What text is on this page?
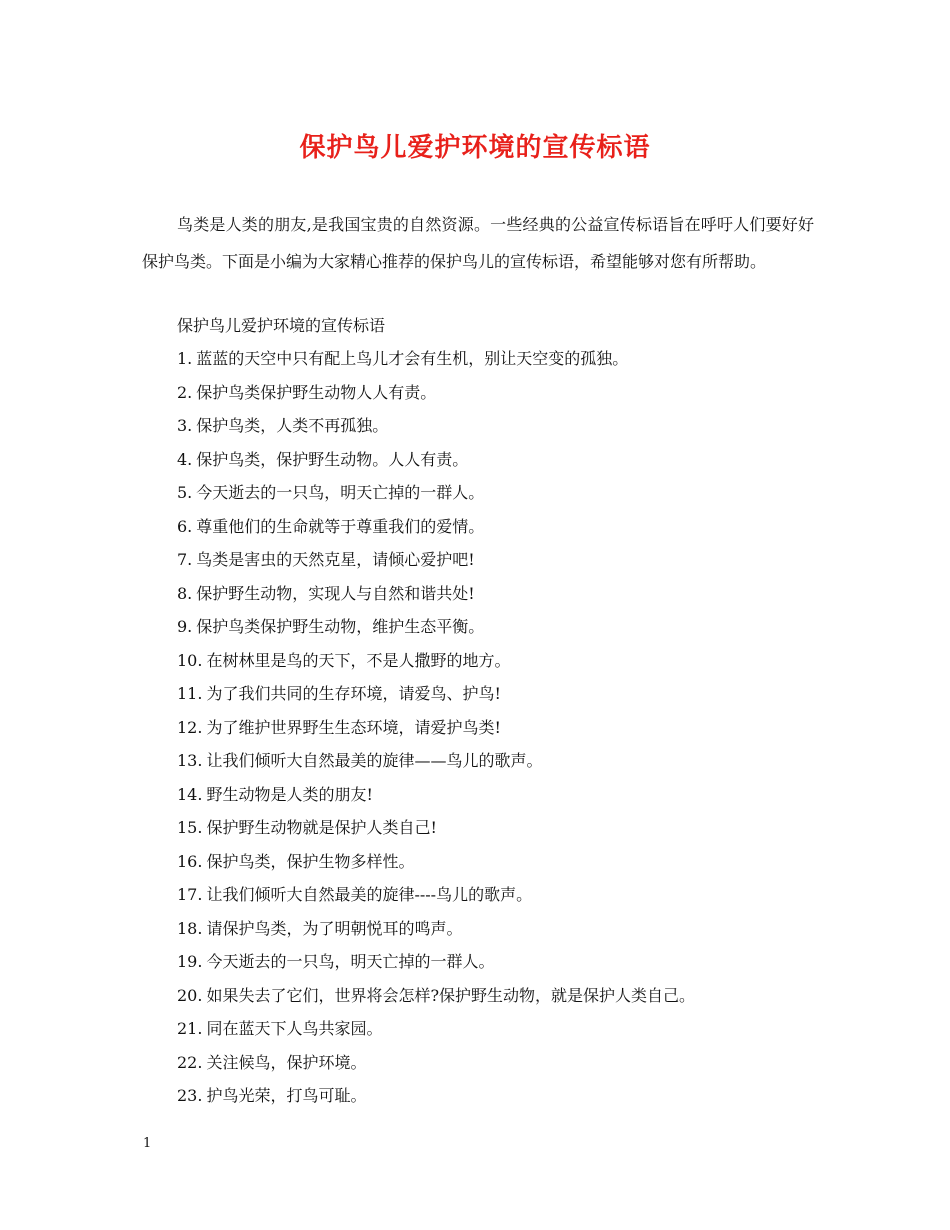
保护鸟儿爱护环境的宣传标语
鸟类是人类的朋友,是我国宝贵的自然资源。一些经典的公益宣传标语旨在呼吁人们要好好保护鸟类。下面是小编为大家精心推荐的保护鸟儿的宣传标语，希望能够对您有所帮助。
保护鸟儿爱护环境的宣传标语
1. 蓝蓝的天空中只有配上鸟儿才会有生机，别让天空变的孤独。
2. 保护鸟类保护野生动物人人有责。
3. 保护鸟类，人类不再孤独。
4. 保护鸟类，保护野生动物。人人有责。
5. 今天逝去的一只鸟，明天亡掉的一群人。
6. 尊重他们的生命就等于尊重我们的爱情。
7. 鸟类是害虫的天然克星，请倾心爱护吧!
8. 保护野生动物，实现人与自然和谐共处!
9. 保护鸟类保护野生动物，维护生态平衡。
10. 在树林里是鸟的天下，不是人撒野的地方。
11. 为了我们共同的生存环境，请爱鸟、护鸟!
12. 为了维护世界野生生态环境，请爱护鸟类!
13. 让我们倾听大自然最美的旋律——鸟儿的歌声。
14. 野生动物是人类的朋友!
15. 保护野生动物就是保护人类自己!
16. 保护鸟类，保护生物多样性。
17. 让我们倾听大自然最美的旋律----鸟儿的歌声。
18. 请保护鸟类，为了明朝悦耳的鸣声。
19. 今天逝去的一只鸟，明天亡掉的一群人。
20. 如果失去了它们，世界将会怎样?保护野生动物，就是保护人类自己。
21. 同在蓝天下人鸟共家园。
22. 关注候鸟，保护环境。
23. 护鸟光荣，打鸟可耻。
1
